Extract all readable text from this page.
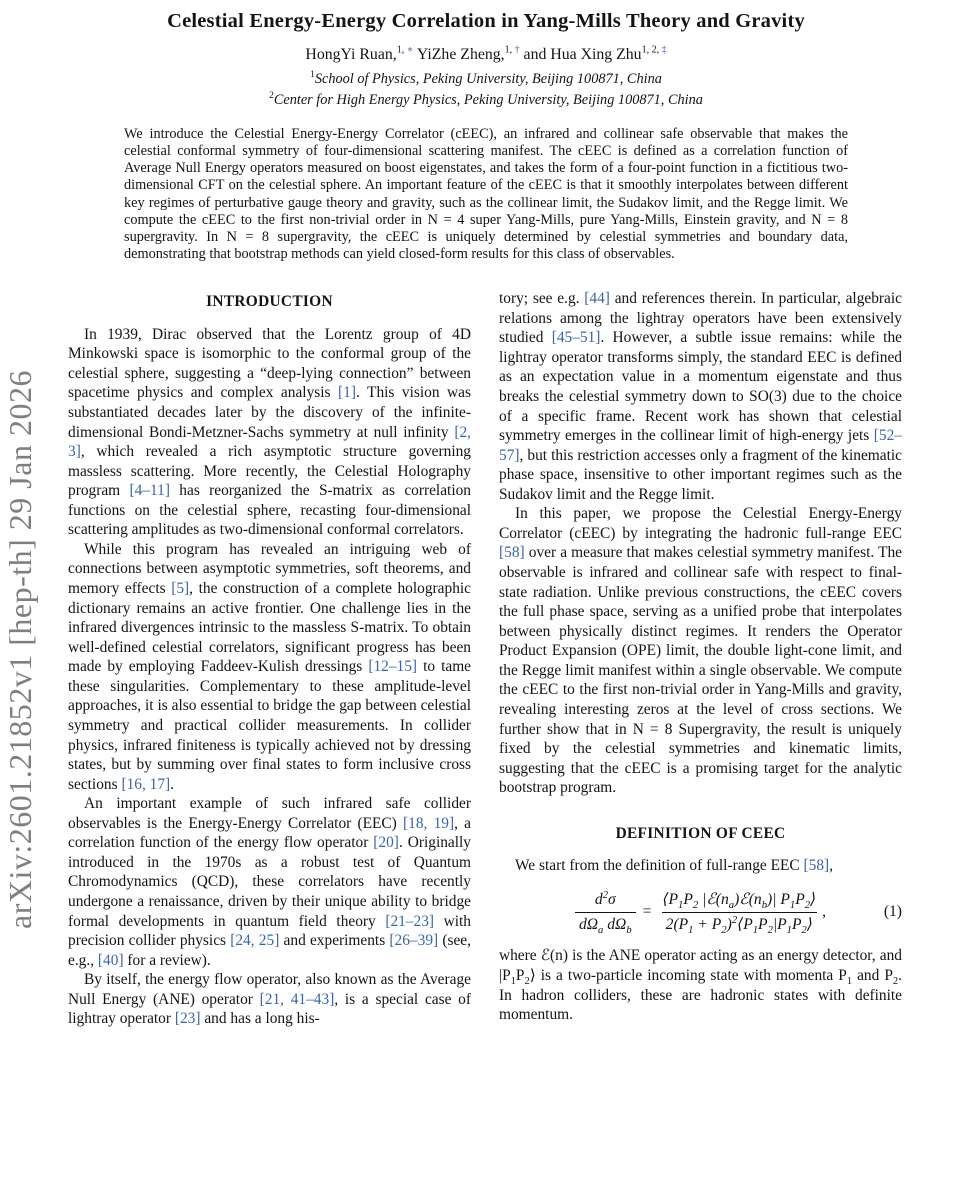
arXiv:2601.21852v1 [hep-th] 29 Jan 2026
Celestial Energy-Energy Correlation in Yang-Mills Theory and Gravity
HongYi Ruan,$^{1, ∗}$ YiZhe Zheng,$^{1, \dagger}$ and Hua Xing Zhu$^{1, 2, \ddagger}$
$^1$School of Physics, Peking University, Beijing 100871, China
$^2$Center for High Energy Physics, Peking University, Beijing 100871, China
We introduce the Celestial Energy-Energy Correlator (cEEC), an infrared and collinear safe observable that makes the celestial conformal symmetry of four-dimensional scattering manifest. The cEEC is defined as a correlation function of Average Null Energy operators measured on boost eigenstates, and takes the form of a four-point function in a fictitious two-dimensional CFT on the celestial sphere. An important feature of the cEEC is that it smoothly interpolates between different key regimes of perturbative gauge theory and gravity, such as the collinear limit, the Sudakov limit, and the Regge limit. We compute the cEEC to the first non-trivial order in N = 4 super Yang-Mills, pure Yang-Mills, Einstein gravity, and N = 8 supergravity. In N = 8 supergravity, the cEEC is uniquely determined by celestial symmetries and boundary data, demonstrating that bootstrap methods can yield closed-form results for this class of observables.
INTRODUCTION

In 1939, Dirac observed that the Lorentz group of 4D Minkowski space is isomorphic to the conformal group of the celestial sphere, suggesting a “deep-lying connection” between spacetime physics and complex analysis [1]. This vision was substantiated decades later by the discovery of the infinite-dimensional Bondi-Metzner-Sachs symmetry at null infinity [2, 3], which revealed a rich asymptotic structure governing massless scattering. More recently, the Celestial Holography program [4–11] has reorganized the S-matrix as correlation functions on the celestial sphere, recasting four-dimensional scattering amplitudes as two-dimensional conformal correlators.

While this program has revealed an intriguing web of connections between asymptotic symmetries, soft theorems, and memory effects [5], the construction of a complete holographic dictionary remains an active frontier. One challenge lies in the infrared divergences intrinsic to the massless S-matrix. To obtain well-defined celestial correlators, significant progress has been made by employing Faddeev-Kulish dressings [12–15] to tame these singularities. Complementary to these amplitude-level approaches, it is also essential to bridge the gap between celestial symmetry and practical collider measurements. In collider physics, infrared finiteness is typically achieved not by dressing states, but by summing over final states to form inclusive cross sections [16, 17].

An important example of such infrared safe collider observables is the Energy-Energy Correlator (EEC) [18, 19], a correlation function of the energy flow operator [20]. Originally introduced in the 1970s as a robust test of Quantum Chromodynamics (QCD), these correlators have recently undergone a renaissance, driven by their unique ability to bridge formal developments in quantum field theory [21–23] with precision collider physics [24, 25] and experiments [26–39] (see, e.g., [40] for a review).

By itself, the energy flow operator, also known as the Average Null Energy (ANE) operator [21, 41–43], is a special case of lightray operator [23] and has a long his-

tory; see e.g. [44] and references therein. In particular, algebraic relations among the lightray operators have been extensively studied [45–51]. However, a subtle issue remains: while the lightray operator transforms simply, the standard EEC is defined as an expectation value in a momentum eigenstate and thus breaks the celestial symmetry down to SO(3) due to the choice of a specific frame. Recent work has shown that celestial symmetry emerges in the collinear limit of high-energy jets [52–57], but this restriction accesses only a fragment of the kinematic phase space, insensitive to other important regimes such as the Sudakov limit and the Regge limit.

In this paper, we propose the Celestial Energy-Energy Correlator (cEEC) by integrating the hadronic full-range EEC [58] over a measure that makes celestial symmetry manifest. The observable is infrared and collinear safe with respect to final-state radiation. Unlike previous constructions, the cEEC covers the full phase space, serving as a unified probe that interpolates between physically distinct regimes. It renders the Operator Product Expansion (OPE) limit, the double light-cone limit, and the Regge limit manifest within a single observable. We compute the cEEC to the first non-trivial order in Yang-Mills and gravity, revealing interesting zeros at the level of cross sections. We further show that in N = 8 Supergravity, the result is uniquely fixed by the celestial symmetries and kinematic limits, suggesting that the cEEC is a promising target for the analytic bootstrap program.

DEFINITION OF CEEC

We start from the definition of full-range EEC [58],

$\frac{d^2\sigma}{d\Omega_a d\Omega_b} = \frac{⟨P_1P_2 |ℰ(n_a)ℰ(n_b)| P_1P_2⟩}{2(P_1 + P_2)^2⟨P_1P_2|P_1P_2⟩}$ ,	(1)

where ℰ(n) is the ANE operator acting as an energy detector, and $|P_1P_2⟩$ is a two-particle incoming state with momenta $P_1$ and $P_2$. In hadron colliders, these are hadronic states with definite momentum.
